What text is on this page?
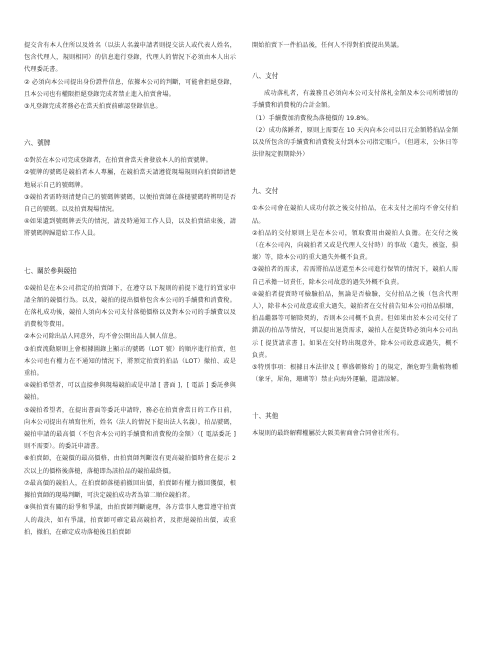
提交含有本人住所以及姓名（以法人名義申請者則提交法人或代表人姓名，包含代理人，規則相同）的信息進行登錄，代理人的情況下必須由本人出示代理委託書。

② 必須向本公司提出身份證件信息，依據本公司的判斷，可能會拒絕登錄，且本公司也有權限拒絕登錄完成者禁止進入拍賣會場。

③凡登錄完成者務必在當天拍賣前確認登錄信息。

六、號牌

①對於在本公司完成登錄者，在拍賣會當天會發放本人的拍賣號牌。

②號牌的號碼是競拍者本人專屬，在競拍當天請遵從現場規則向拍賣師清楚地展示自己的號碼牌。

③競拍者需時刻清楚自己的號碼牌號碼，以便拍賣師在落槌號碼時辨明是否自己的號碼。以及拍賣現場情況。

④如果遺到號碼牌丟失的情況，請及時通知工作人員，以及拍賣結束後，請將號碼牌歸還給工作人員。

七、關於參與競拍

①競拍是在本公司指定的拍賣師下，在遵守以下規則的前提下進行的買家申請全額的競價行為。以及，競拍的提出價格包含本公司的手續費和消費稅。在落札成功後，競拍人須向本公司支付落槌價格以及對本公司的手續費以及消費稅等費用。

②本公司除出品人同意外，均不會公開出品人個人信息。

③拍賣流動原則上會根據圖錄上顯示的號碼（LOT 號）的順序進行拍賣，但本公司也有權力在不通知的情況下，將預定拍賣的拍品（LOT）撤拍、或是重拍。

④競拍希望者，可以直接參與現場競拍或是申請 [ 書面 ]，[ 電話 ] 委託參與競拍。

⑤競拍希望者，在提出書面等委託申請時，務必在拍賣會當日的工作日前，向本公司提出有填寫住所，姓名（法人的情況下提出法人名義），拍品號碼，競拍申請的最高價（不包含本公司的手續費和消費稅的金額）（[ 電話委託 ] 則不需要）。的委託申請書。

⑥拍賣師，在競價的最高價格，由拍賣師判斷沒有更高競拍價時會在提示 2 次以上的價格後落槌，落槌即為該拍品的競拍最終價。

⑦最高價的競拍人，在拍賣師落槌前撤回出價，拍賣師有權力撤回獲價，根據拍賣師的現場判斷，可決定競拍成功者為第二順位競拍者。

⑧與拍賣有關的紛爭和爭議，由拍賣師判斷處理，各方當事人應當遵守拍賣人的裁決，如有爭議，拍賣師可確定最高競拍者，及拒絕競拍出價，或重拍，撤拍，在確定成功落槌後且拍賣師

開始拍賣下一件拍品後，任何人不得對拍賣提出異議。

八、支付

成功落札者，有義務且必須向本公司支付落札金額及本公司所增加的手續費和消費稅的合計金額。

（1）手續費加消費稅為落槌價的 19.8%。

（2）成功落錘者，原則上需要在 10 天內向本公司以日元金額將拍品金額以及所包含的手續費和消費稅支付到本公司指定賬戶。（但週末，公休日等法律規定假期除外）

九、交付

①本公司會在競拍人成功付款之後交付拍品，在未支付之前均不會交付拍品。

②拍品的交付原則上是在本公司，領取費用由競拍人負擔。在交付之後（在本公司內，向競拍者又或是代理人交付時）的事故（遺失，被盜，損壞）等，除本公司的重大過失外概不負責。

③競拍者的需求，若需將拍品送還至本公司進行保管的情況下，競拍人需自己承擔一切責任，除本公司故意的過失外概不負責。

④競拍者提賣時可檢驗拍品，無論是否檢驗，交付拍品之後（包含代理人），除非本公司故意或重大過失，競拍者在交付前告知本公司拍品損壞，拍品繼器等可解除契約，否則本公司概不負責。但如果由於本公司交付了錯誤的拍品等情況，可以提出退貨需求，競拍人在提貨時必須向本公司出示 [ 提貨請求書 ]。如果在交付時出現意外，除本公司故意或過失，概不負責。

⑤特別事項：根據日本法律及 [ 華盛頓條約 ] 的規定，瀕危野生動植物種（象牙，犀角，珊瑚等）禁止向海外運輸，還請諒解。

十、其他

本規則的最終解釋權屬於大阪美術商會合同會社所有。
